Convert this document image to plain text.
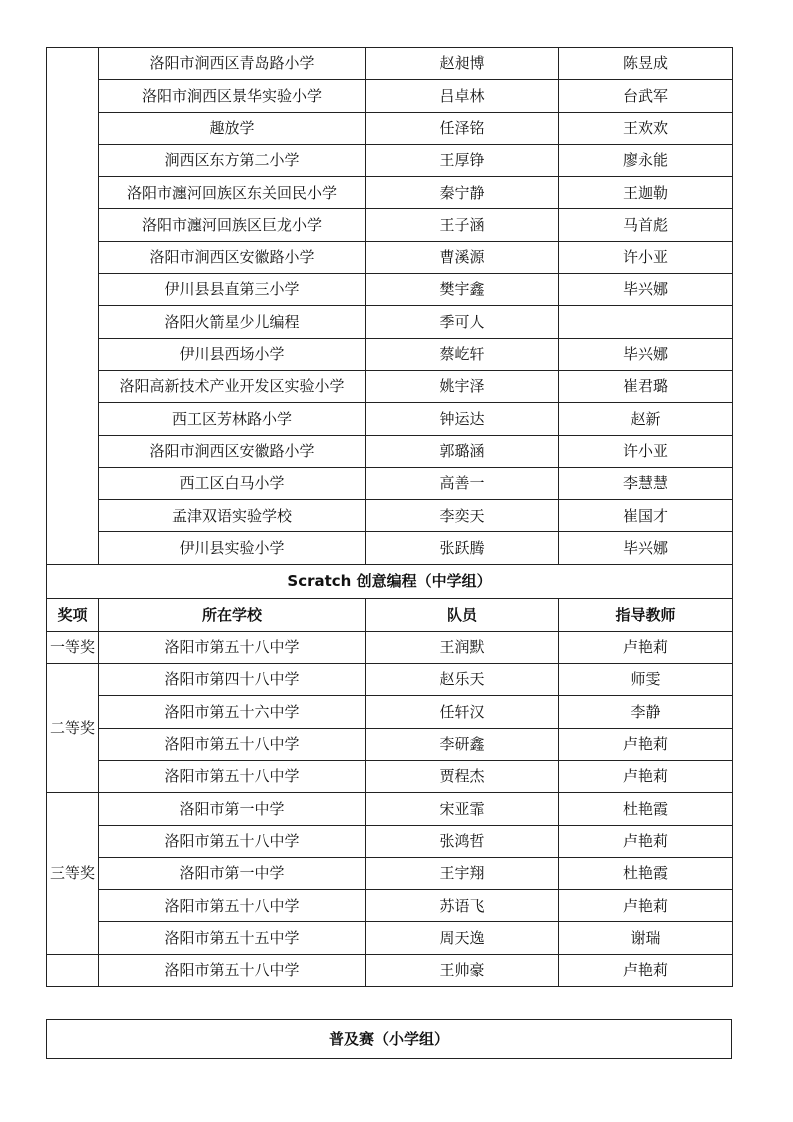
	洛阳市涧西区青岛路小学	赵昶博	陈昱成
	洛阳市涧西区景华实验小学	吕卓林	台武军
	趣放学	任泽铭	王欢欢
	涧西区东方第二小学	王厚铮	廖永能
	洛阳市瀍河回族区东关回民小学	秦宁静	王迦勒
	洛阳市瀍河回族区巨龙小学	王子涵	马首彪
	洛阳市涧西区安徽路小学	曹溪源	许小亚
	伊川县县直第三小学	樊宇鑫	毕兴娜
	洛阳火箭星少儿编程	季可人	
	伊川县西场小学	蔡屹轩	毕兴娜
	洛阳高新技术产业开发区实验小学	姚宇泽	崔君璐
	西工区芳林路小学	钟运达	赵新
	洛阳市涧西区安徽路小学	郭璐涵	许小亚
	西工区白马小学	高善一	李慧慧
	孟津双语实验学校	李奕天	崔国才
	伊川县实验小学	张跃腾	毕兴娜
Scratch 创意编程（中学组）			
奖项	所在学校	队员	指导教师
一等奖	洛阳市第五十八中学	王润默	卢艳莉
二等奖	洛阳市第四十八中学	赵乐天	师雯
	洛阳市第五十六中学	任轩汉	李静
	洛阳市第五十八中学	李研鑫	卢艳莉
	洛阳市第五十八中学	贾程杰	卢艳莉
三等奖	洛阳市第一中学	宋亚霏	杜艳霞
	洛阳市第五十八中学	张鸿哲	卢艳莉
	洛阳市第一中学	王宇翔	杜艳霞
	洛阳市第五十八中学	苏语飞	卢艳莉
	洛阳市第五十五中学	周天逸	谢瑞
	洛阳市第五十八中学	王帅豪	卢艳莉
普及赛（小学组）
